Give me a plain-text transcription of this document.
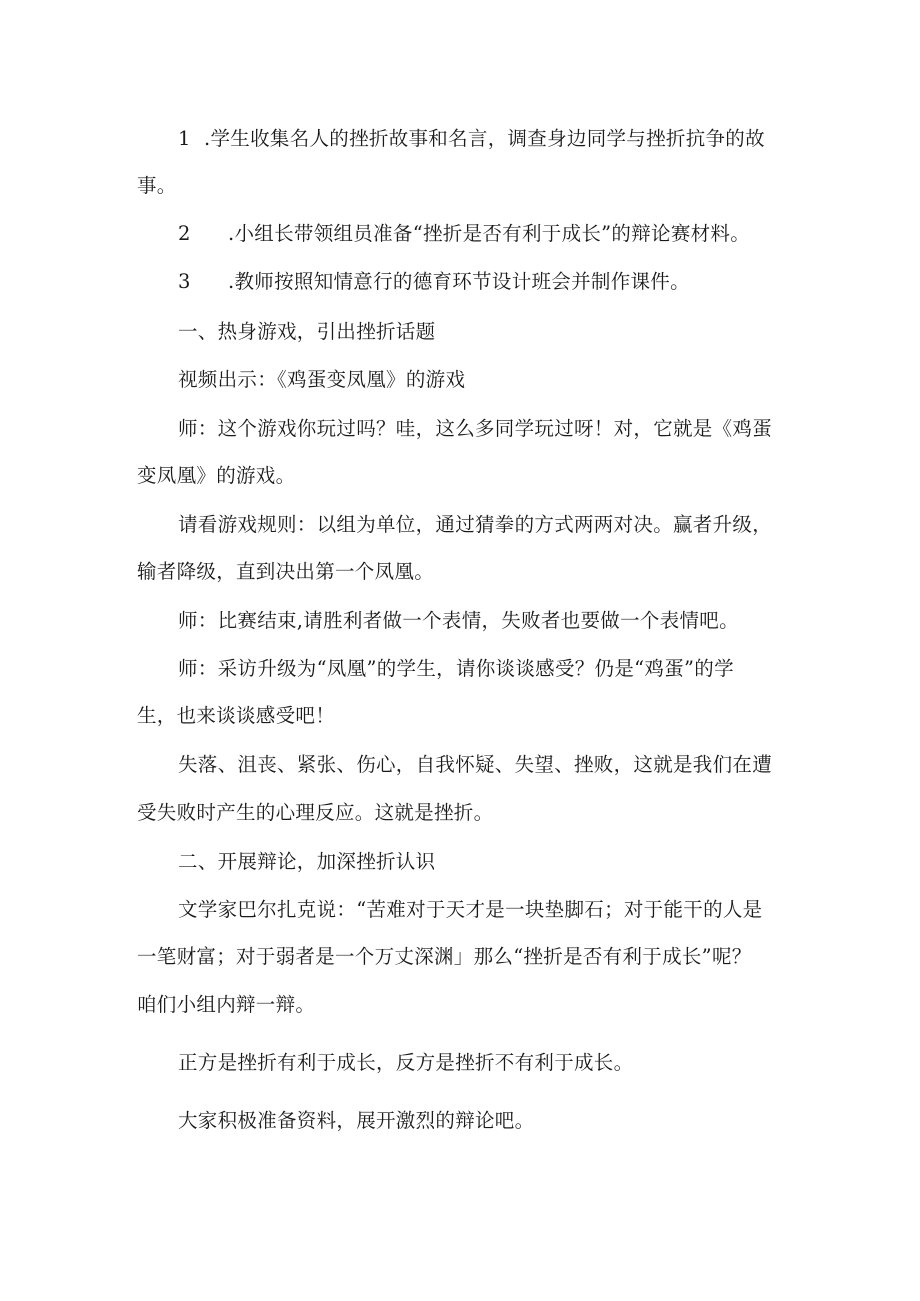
1 .学生收集名人的挫折故事和名言，调查身边同学与挫折抗争的故
事。
2 .小组长带领组员准备“挫折是否有利于成长”的辩论赛材料。
3 .教师按照知情意行的德育环节设计班会并制作课件。
一、热身游戏，引出挫折话题
视频出示：《鸡蛋变凤凰》的游戏
师：这个游戏你玩过吗？哇，这么多同学玩过呀！对，它就是《鸡蛋
变凤凰》的游戏。
请看游戏规则：以组为单位，通过猜拳的方式两两对决。赢者升级，
输者降级，直到决出第一个凤凰。
师：比赛结束,请胜利者做一个表情，失败者也要做一个表情吧。
师：采访升级为“凤凰”的学生，请你谈谈感受？仍是“鸡蛋”的学
生，也来谈谈感受吧！
失落、沮丧、紧张、伤心，自我怀疑、失望、挫败，这就是我们在遭
受失败时产生的心理反应。这就是挫折。
二、开展辩论，加深挫折认识
文学家巴尔扎克说：“苦难对于天才是一块垫脚石；对于能干的人是
一笔财富；对于弱者是一个万丈深渊」那么“挫折是否有利于成长”呢？
咱们小组内辩一辩。
正方是挫折有利于成长，反方是挫折不有利于成长。
大家积极准备资料，展开激烈的辩论吧。
